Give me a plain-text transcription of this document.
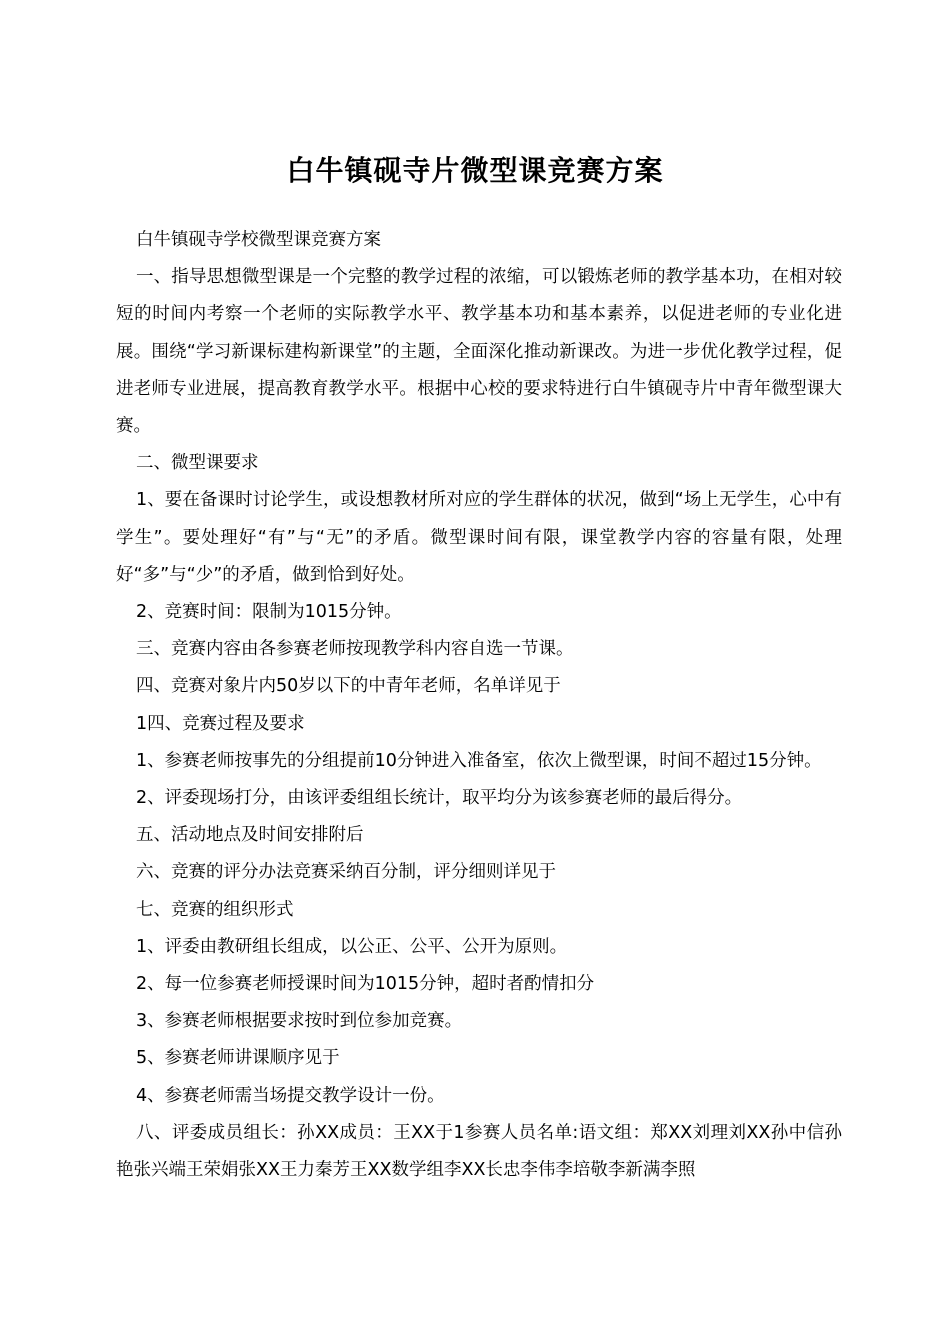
白牛镇砚寺片微型课竞赛方案

白牛镇砚寺学校微型课竞赛方案

一、指导思想微型课是一个完整的教学过程的浓缩，可以锻炼老师的教学基本功，在相对较短的时间内考察一个老师的实际教学水平、教学基本功和基本素养，以促进老师的专业化进展。围绕“学习新课标建构新课堂”的主题，全面深化推动新课改。为进一步优化教学过程，促进老师专业进展，提高教育教学水平。根据中心校的要求特进行白牛镇砚寺片中青年微型课大赛。

二、微型课要求

1、要在备课时讨论学生，或设想教材所对应的学生群体的状况，做到“场上无学生，心中有学生”。要处理好“有”与“无”的矛盾。微型课时间有限，课堂教学内容的容量有限，处理好“多”与“少”的矛盾，做到恰到好处。

2、竞赛时间：限制为1015分钟。

三、竞赛内容由各参赛老师按现教学科内容自选一节课。

四、竞赛对象片内50岁以下的中青年老师，名单详见于

1四、竞赛过程及要求

1、参赛老师按事先的分组提前10分钟进入准备室，依次上微型课，时间不超过15分钟。

2、评委现场打分，由该评委组组长统计，取平均分为该参赛老师的最后得分。

五、活动地点及时间安排附后

六、竞赛的评分办法竞赛采纳百分制，评分细则详见于

七、竞赛的组织形式

1、评委由教研组长组成，以公正、公平、公开为原则。

2、每一位参赛老师授课时间为1015分钟，超时者酌情扣分

3、参赛老师根据要求按时到位参加竞赛。

5、参赛老师讲课顺序见于

4、参赛老师需当场提交教学设计一份。

八、评委成员组长：孙XX成员：王XX于1参赛人员名单:语文组：郑XX刘理刘XX孙中信孙艳张兴端王荣娟张XX王力秦芳王XX数学组李XX长忠李伟李培敬李新满李照
